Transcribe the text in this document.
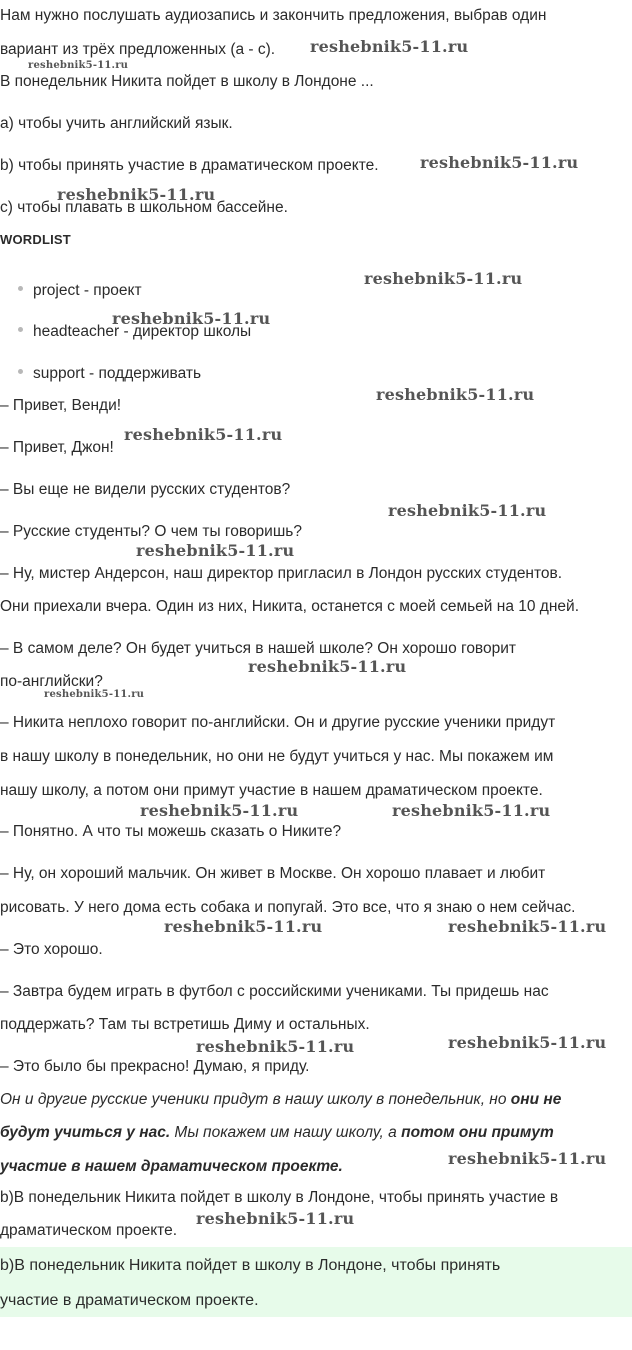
Нам нужно послушать аудиозапись и закончить предложения, выбрав один

вариант из трёх предложенных (a - c).

В понедельник Никита пойдет в школу в Лондоне ...

a) чтобы учить английский язык.

b) чтобы принять участие в драматическом проекте.

c) чтобы плавать в школьном бассейне.

WORDLIST

project - проект
headteacher - директор школы
support - поддерживать

– Привет, Венди!

– Привет, Джон!

– Вы еще не видели русских студентов?

– Русские студенты? О чем ты говоришь?

– Ну, мистер Андерсон, наш директор пригласил в Лондон русских студентов.

Они приехали вчера. Один из них, Никита, останется с моей семьей на 10 дней.

– В самом деле? Он будет учиться в нашей школе? Он хорошо говорит

по-английски?

– Никита неплохо говорит по-английски. Он и другие русские ученики придут

в нашу школу в понедельник, но они не будут учиться у нас. Мы покажем им

нашу школу, а потом они примут участие в нашем драматическом проекте.

– Понятно. А что ты можешь сказать о Никите?

– Ну, он хороший мальчик. Он живет в Москве. Он хорошо плавает и любит

рисовать. У него дома есть собака и попугай. Это все, что я знаю о нем сейчас.

– Это хорошо.

– Завтра будем играть в футбол с российскими учениками. Ты придешь нас

поддержать? Там ты встретишь Диму и остальных.

– Это было бы прекрасно! Думаю, я приду.

Он и другие русские ученики придут в нашу школу в понедельник, но они не
будут учиться у нас. Мы покажем им нашу школу, а потом они примут
участие в нашем драматическом проекте.

b)В понедельник Никита пойдет в школу в Лондоне, чтобы принять участие в

драматическом проекте.

b)В понедельник Никита пойдет в школу в Лондоне, чтобы принять
участие в драматическом проекте.
reshebnik5-11.ru
reshebnik5-11.ru
reshebnik5-11.ru
reshebnik5-11.ru
reshebnik5-11.ru
reshebnik5-11.ru
reshebnik5-11.ru
reshebnik5-11.ru
reshebnik5-11.ru
reshebnik5-11.ru
reshebnik5-11.ru
reshebnik5-11.ru
reshebnik5-11.ru	reshebnik5-11.ru
reshebnik5-11.ru	reshebnik5-11.ru
reshebnik5-11.ru	reshebnik5-11.ru
reshebnik5-11.ru
reshebnik5-11.ru
